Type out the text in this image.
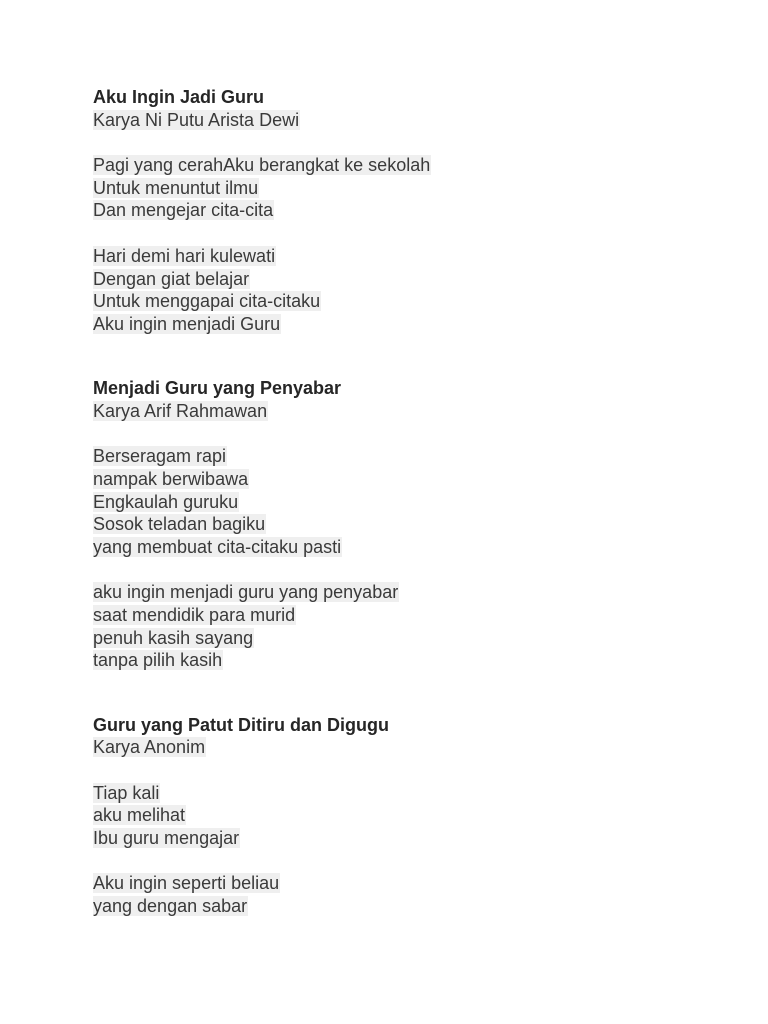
Aku Ingin Jadi Guru
Karya Ni Putu Arista Dewi
Pagi yang cerahAku berangkat ke sekolah
Untuk menuntut ilmu
Dan mengejar cita-cita
Hari demi hari kulewati
Dengan giat belajar
Untuk menggapai cita-citaku
Aku ingin menjadi Guru
Menjadi Guru yang Penyabar
Karya Arif Rahmawan
Berseragam rapi
nampak berwibawa
Engkaulah guruku
Sosok teladan bagiku
yang membuat cita-citaku pasti
aku ingin menjadi guru yang penyabar
saat mendidik para murid
penuh kasih sayang
tanpa pilih kasih
Guru yang Patut Ditiru dan Digugu
Karya Anonim
Tiap kali
aku melihat
Ibu guru mengajar
Aku ingin seperti beliau
yang dengan sabar
